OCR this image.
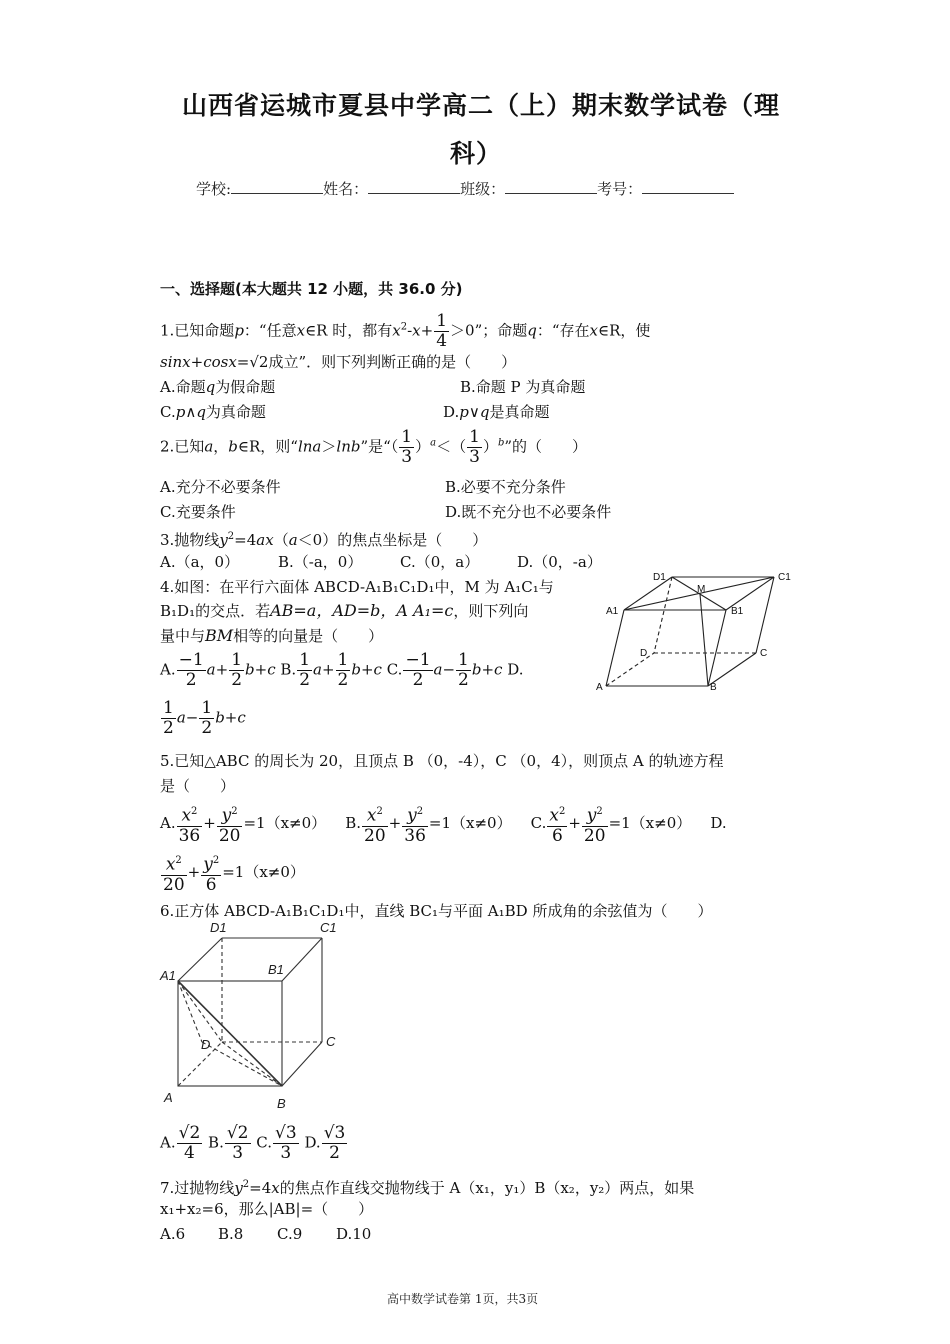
山西省运城市夏县中学高二（上）期末数学试卷（理
科）
学校:	姓名：	班级：	考号：
一、选择题(本大题共 12 小题，共 36.0 分)
1.已知命题p：“任意x∈R 时，都有$x^2-x+ \frac{1}{4} >0$”；命题q：“存在x∈R，使
sinx+cosx=√2成立”．则下列判断正确的是（　　）
A.命题q为假命题	B.命题 P 为真命题
C.p∧q为真命题	D.p∨q是真命题
2.已知a，b∈R，则“lna＞lnb”是“（ $\frac{1}{3} )^a<( \frac{1}{3} )^b$”的（　　）
A.充分不必要条件	B.必要不充分条件
C.充要条件	D.既不充分也不必要条件
3.抛物线$y^2=4ax(a<0)$的焦点坐标是（　　）
A.（a，0）	B.（-a，0）	C.（0，a）	D.（0，-a）
4.如图：在平行六面体 ABCD-A₁B₁C₁D₁中，M 为 A₁C₁与
B₁D₁的交点．若AB=a，AD=b，A A₁=c，则下列向
量中与BM相等的向量是（　　）
A. $\frac{-1}{2} a+ \frac{1}{2} b+c$ B. $\frac{1}{2} a+ \frac{1}{2} b+c$ C. $\frac{-1}{2} a- \frac{1}{2} b+c$ D.
$\frac{1}{2} a- \frac{1}{2} b+c$
D1
M
C1
A1	B1
D	C
A	B
5.已知△ABC 的周长为 20，且顶点 B （0，-4），C （0，4），则顶点 A 的轨迹方程
是（　　）
A. $\frac{x^2}{36} + \frac{y^2}{20} =1(x\ne 0)$ B. $\frac{x^2}{20} + \frac{y^2}{36} =1(x\ne 0)$ C. $\frac{x^2}{6} + \frac{y^2}{20} =1(x\ne 0)$ D.
$\frac{x^2}{20} + \frac{y^2}{6} =1(x\ne 0)$
6.正方体 ABCD-A₁B₁C₁D₁中，直线 BC₁与平面 A₁BD 所成角的余弦值为（　　）
D1	C1
A1	B1
D	C
A	B
A. $\frac{√2}{4} B$. $\frac{√2}{3} C$. $\frac{√3}{3} D$. $\frac{√3}{2}$
7.过抛物线$y^2=4x$的焦点作直线交抛物线于 A（x₁，y₁）B（x₂，y₂）两点，如果
x₁+x₂=6，那么|AB|=（　　）
A.6 B.8 C.9 D.10
高中数学试卷第 1页，共3页
